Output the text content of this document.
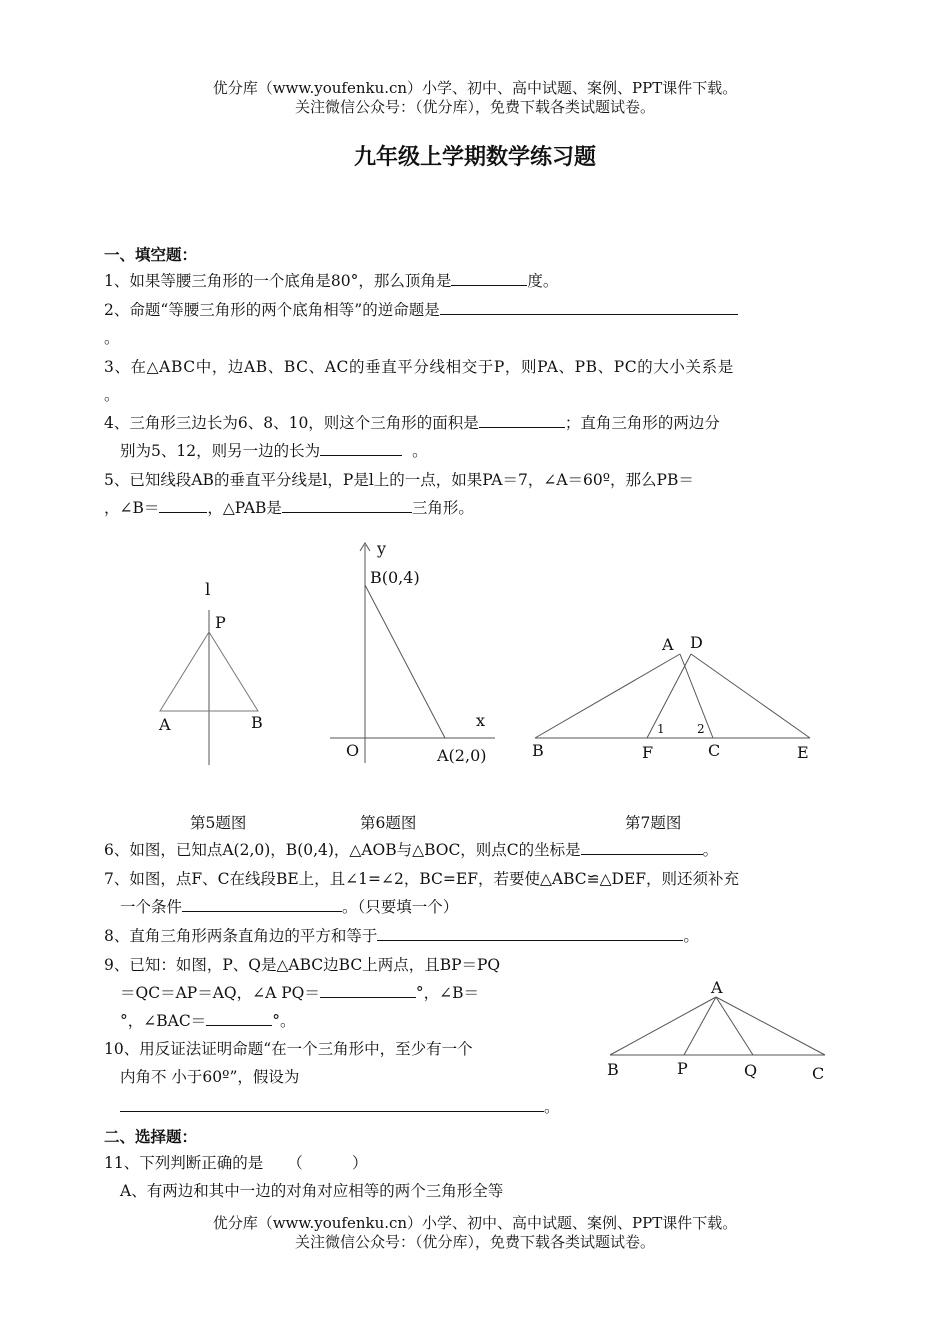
优分库（www.youfenku.cn）小学、初中、高中试题、案例、PPT课件下载。
关注微信公众号：（优分库），免费下载各类试题试卷。
九年级上学期数学练习题
一、填空题：
1、如果等腰三角形的一个底角是80°，那么顶角是	度。
2、命题“等腰三角形的两个底角相等”的逆命题是
。
3、在△ABC中，边AB、BC、AC的垂直平分线相交于P，则PA、PB、PC的大小关系是
。
4、三角形三边长为6、8、10，则这个三角形的面积是	；直角三角形的两边分
别为5、12，则另一边的长为	。
5、已知线段AB的垂直平分线是l，P是l上的一点，如果PA＝7，∠A＝60º，那么PB＝
，∠B＝	，△PAB是	三角形。
l
P
A	B
y
B(0,4)
x
O	A(2,0)
A D
1	2
B	F	C	E
第5题图	第6题图	第7题图
6、如图，已知点A(2,0)，B(0,4)，△AOB与△BOC，则点C的坐标是	。
7、如图，点F、C在线段BE上，且∠1=∠2，BC=EF，若要使△ABC≌△DEF，则还须补充
一个条件	。（只要填一个）
8、直角三角形两条直角边的平方和等于	。
9、已知：如图，P、Q是△ABC边BC上两点，且BP＝PQ
＝QC＝AP＝AQ，∠A PQ＝	°，∠B＝
°，∠BAC＝	°。
A
B	P	Q	C
10、用反证法证明命题“在一个三角形中，至少有一个
内角不 小于60º”，假设为
。
二、选择题：
11、下列判断正确的是 （          ）
A、有两边和其中一边的对角对应相等的两个三角形全等
优分库（www.youfenku.cn）小学、初中、高中试题、案例、PPT课件下载。
关注微信公众号：（优分库），免费下载各类试题试卷。
